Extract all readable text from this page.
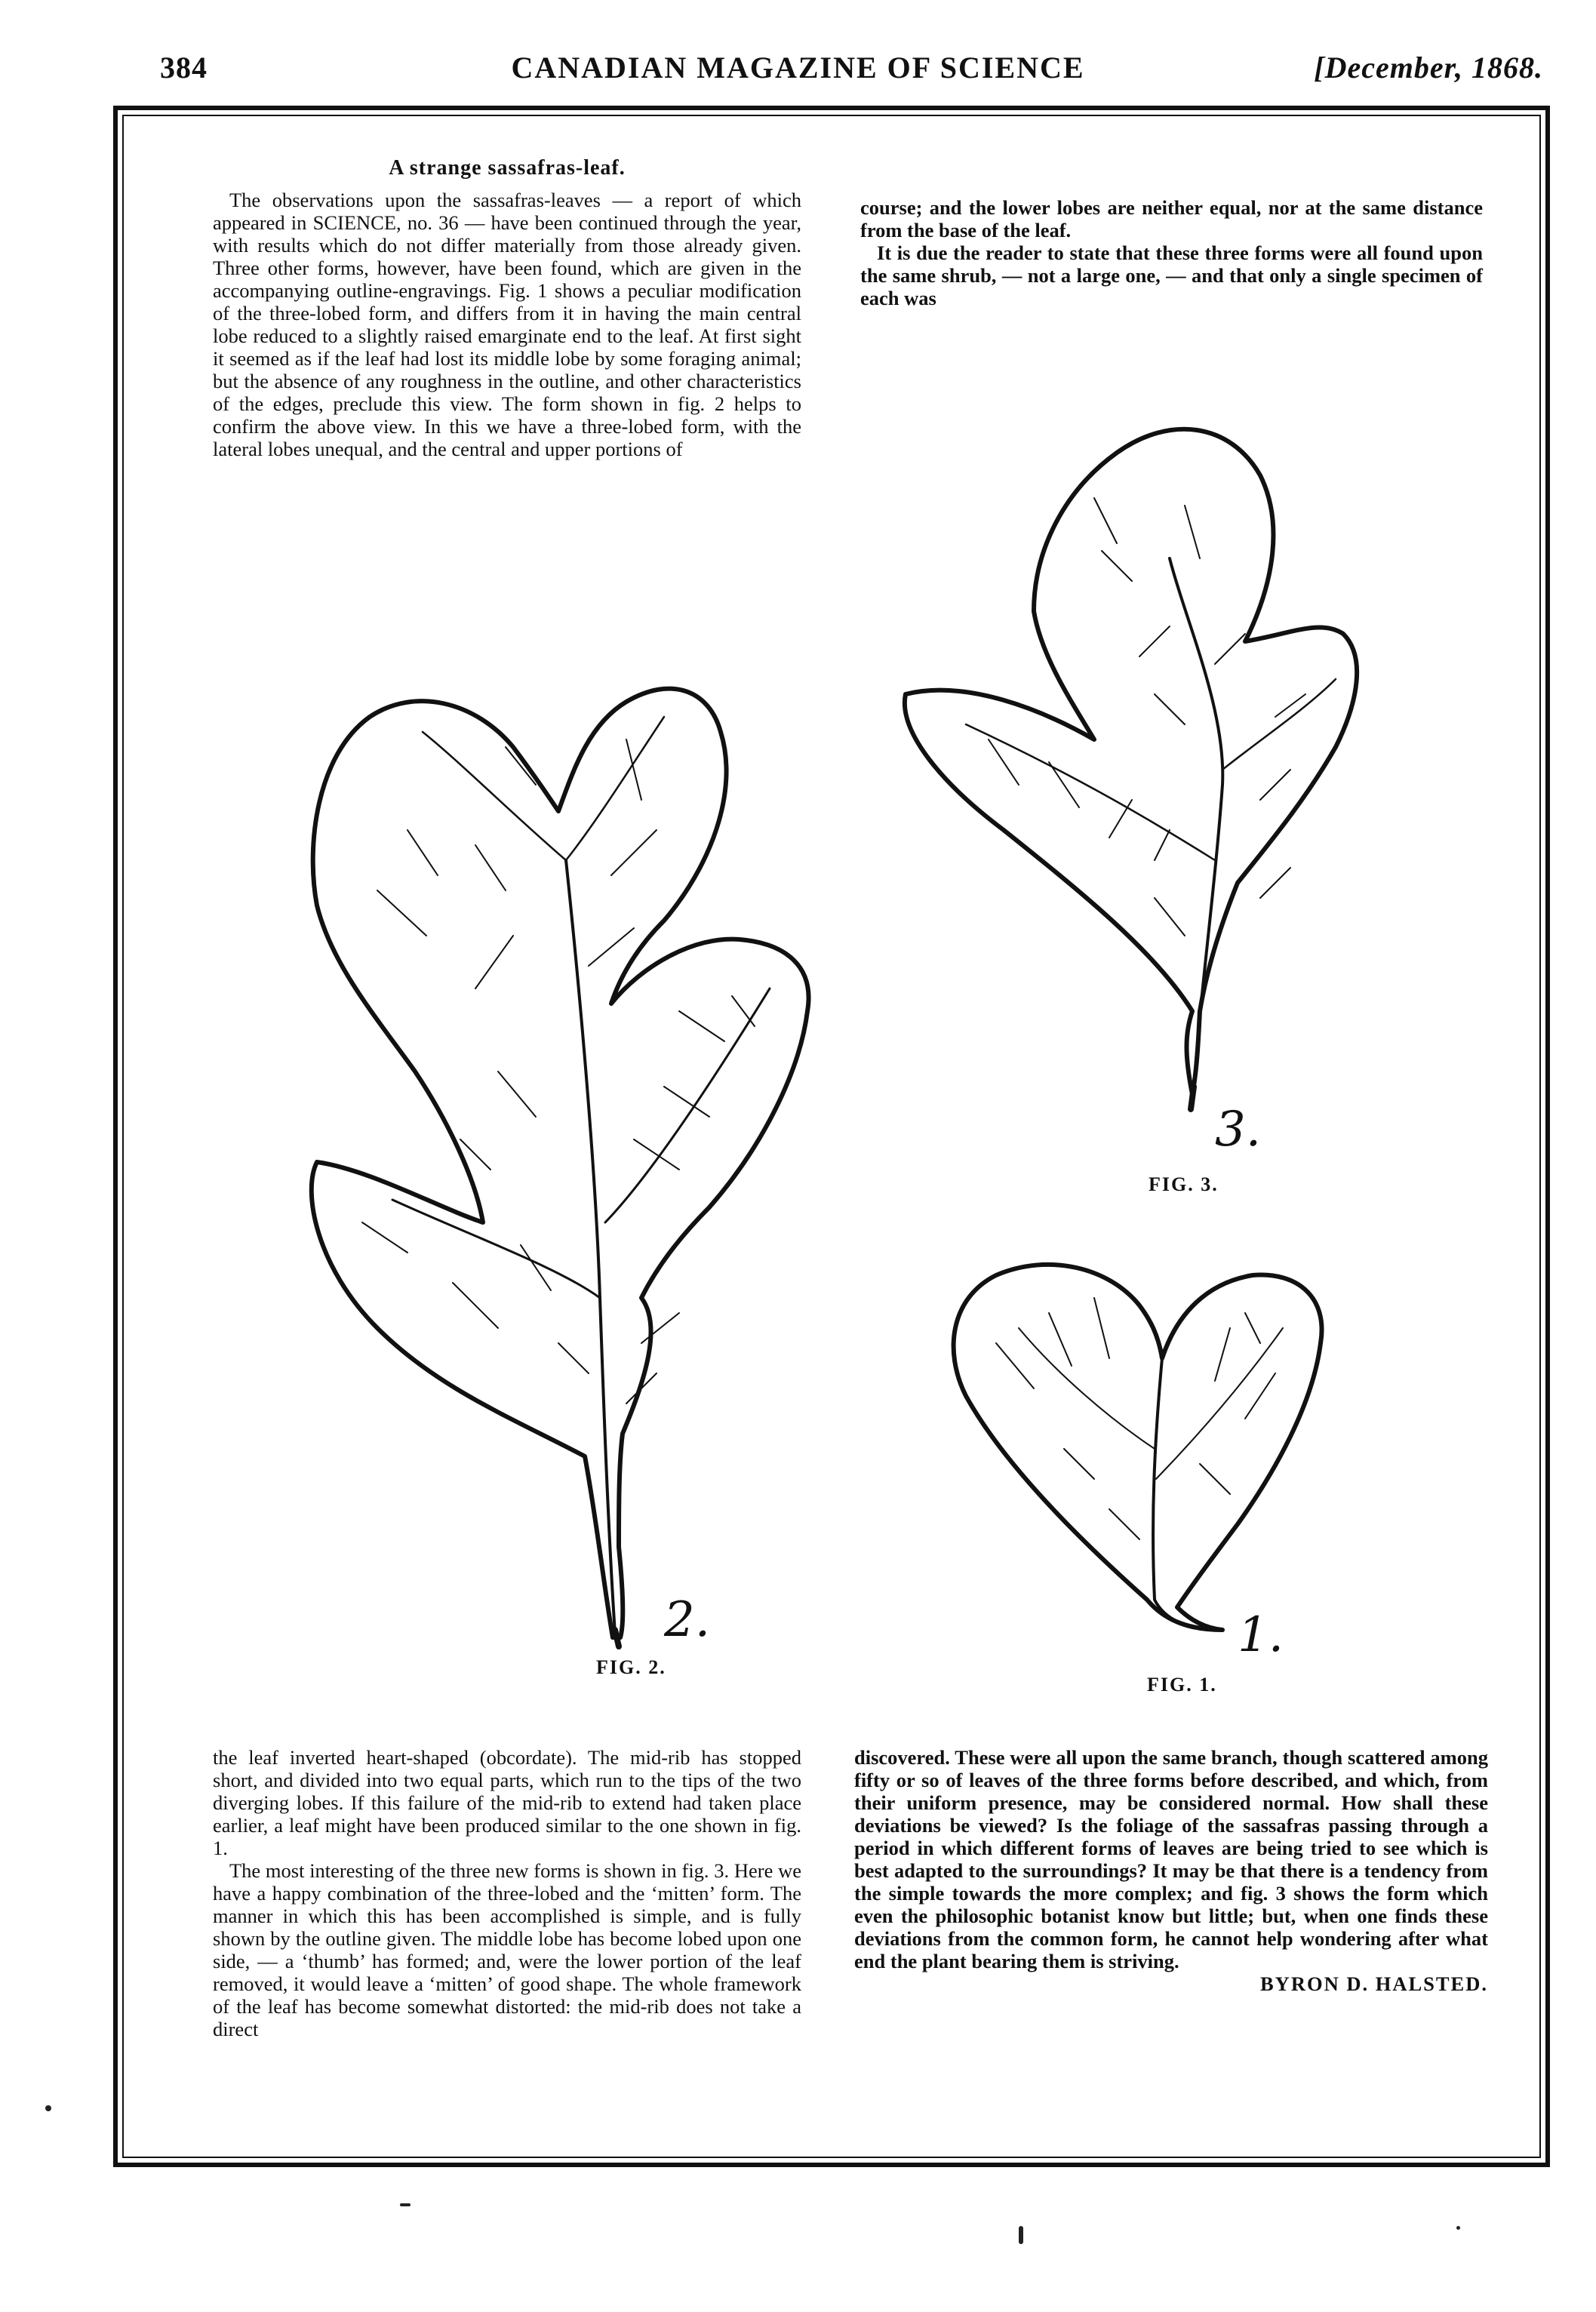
384	CANADIAN MAGAZINE OF SCIENCE	[December, 1868.

A strange sassafras-leaf.

The observations upon the sassafras-leaves — a report of which appeared in SCIENCE, no. 36 — have been continued through the year, with results which do not differ materially from those already given. Three other forms, however, have been found, which are given in the accompanying outline-engravings. Fig. 1 shows a peculiar modification of the three-lobed form, and differs from it in having the main central lobe reduced to a slightly raised emarginate end to the leaf. At first sight it seemed as if the leaf had lost its middle lobe by some foraging animal; but the absence of any roughness in the outline, and other characteristics of the edges, preclude this view. The form shown in fig. 2 helps to confirm the above view. In this we have a three-lobed form, with the lateral lobes unequal, and the central and upper portions of

course; and the lower lobes are neither equal, nor at the same distance from the base of the leaf.

It is due the reader to state that these three forms were all found upon the same shrub, — not a large one, — and that only a single specimen of each was

2.
FIG. 2.
3.
FIG. 3.
1.
FIG. 1.

the leaf inverted heart-shaped (obcordate). The mid-rib has stopped short, and divided into two equal parts, which run to the tips of the two diverging lobes. If this failure of the mid-rib to extend had taken place earlier, a leaf might have been produced similar to the one shown in fig. 1.

The most interesting of the three new forms is shown in fig. 3. Here we have a happy combination of the three-lobed and the ‘mitten’ form. The manner in which this has been accomplished is simple, and is fully shown by the outline given. The middle lobe has become lobed upon one side, — a ‘thumb’ has formed; and, were the lower portion of the leaf removed, it would leave a ‘mitten’ of good shape. The whole framework of the leaf has become somewhat distorted: the mid-rib does not take a direct

discovered. These were all upon the same branch, though scattered among fifty or so of leaves of the three forms before described, and which, from their uniform presence, may be considered normal. How shall these deviations be viewed? Is the foliage of the sassafras passing through a period in which different forms of leaves are being tried to see which is best adapted to the surroundings? It may be that there is a tendency from the simple towards the more complex; and fig. 3 shows the form which even the philosophic botanist know but little; but, when one finds these deviations from the common form, he cannot help wondering after what end the plant bearing them is striving.

BYRON D. HALSTED.
